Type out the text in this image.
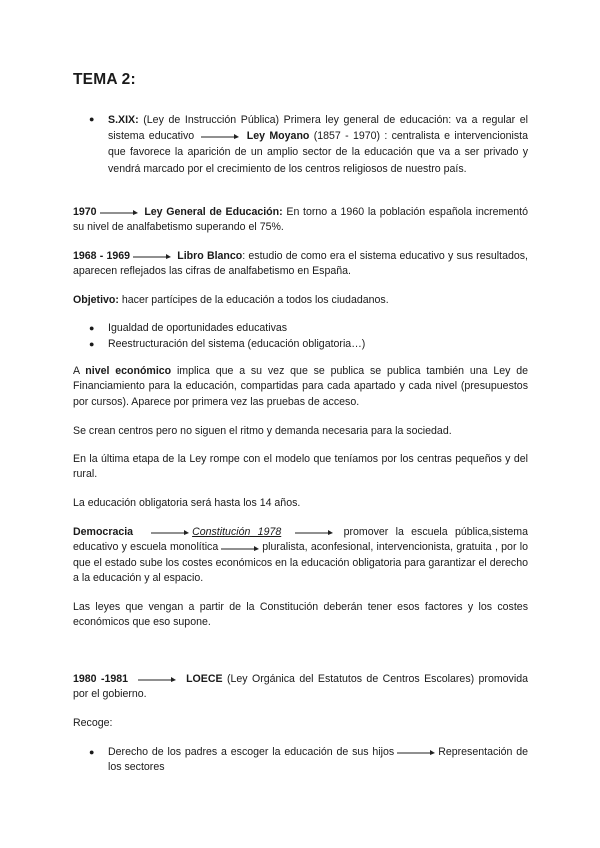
TEMA 2:
● S.XIX: (Ley de Instrucción Pública) Primera ley general de educación: va a regular el sistema educativo	Ley Moyano (1857 - 1970) : centralista e intervencionista que favorece la aparición de un amplio sector de la educación que va a ser privado y vendrá marcado por el crecimiento de los centros religiosos de nuestro país.
1970	Ley General de Educación: En torno a 1960 la población española incrementó su nivel de analfabetismo superando el 75%.
1968 - 1969	Libro Blanco: estudio de como era el sistema educativo y sus resultados, aparecen reflejados las cifras de analfabetismo en España.
Objetivo: hacer partícipes de la educación a todos los ciudadanos.
● Igualdad de oportunidades educativas
● Reestructuración del sistema (educación obligatoria…)
A nivel económico implica que a su vez que se publica se publica también una Ley de Financiamiento para la educación, compartidas para cada apartado y cada nivel (presupuestos por cursos). Aparece por primera vez las pruebas de acceso.
Se crean centros pero no siguen el ritmo y demanda necesaria para la sociedad.
En la última etapa de la Ley rompe con el modelo que teníamos por los centras pequeños y del rural.
La educación obligatoria será hasta los 14 años.
Democracia	Constitución 1978	promover la escuela pública,sistema educativo y escuela monolítica	pluralista, aconfesional, intervencionista, gratuita , por lo que el estado sube los costes económicos en la educación obligatoria para garantizar el derecho a la educación y al espacio.
Las leyes que vengan a partir de la Constitución deberán tener esos factores y los costes económicos que eso supone.
1980 -1981	LOECE (Ley Orgánica del Estatutos de Centros Escolares) promovida por el gobierno.
Recoge:
● Derecho de los padres a escoger la educación de sus hijos	Representación de los sectores
